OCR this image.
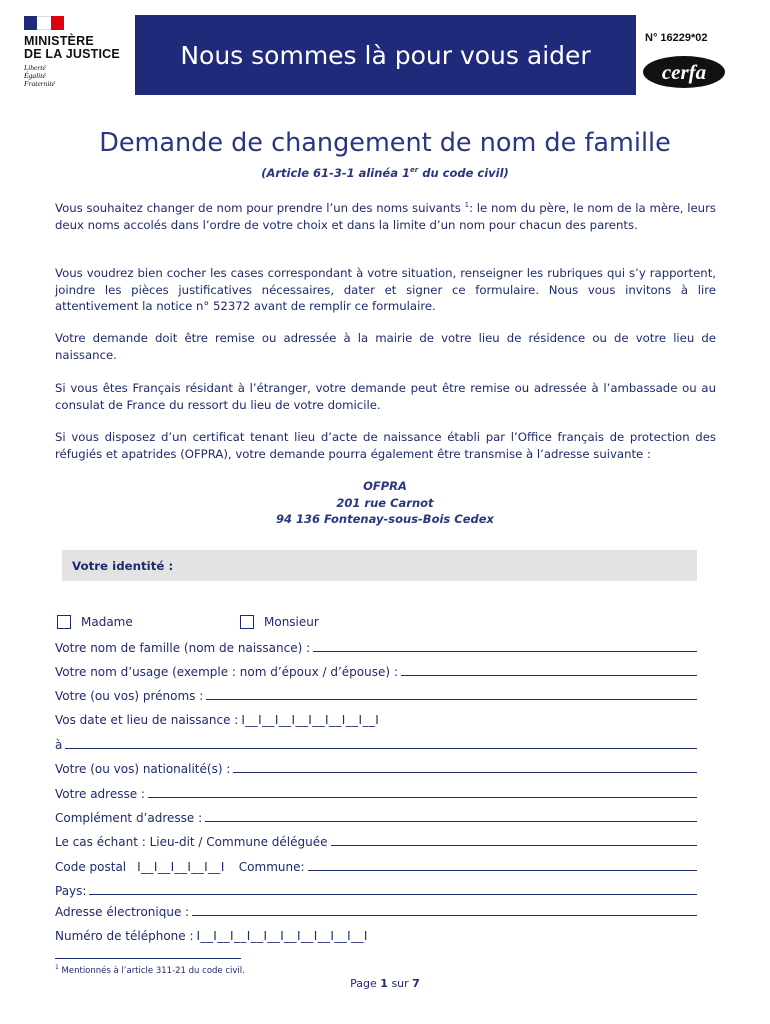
MINISTÈRE
DE LA JUSTICE
Liberté
Égalité
Fraternité
Nous sommes là pour vous aider
N° 16229*02
cerfa
Demande de changement de nom de famille
(Article 61-3-1 alinéa 1er du code civil)
Vous souhaitez changer de nom pour prendre l’un des noms suivants $^1$: le nom du père, le nom de la mère, leurs deux noms accolés dans l’ordre de votre choix et dans la limite d’un nom pour chacun des parents.
Vous voudrez bien cocher les cases correspondant à votre situation, renseigner les rubriques qui s’y rapportent, joindre les pièces justificatives nécessaires, dater et signer ce formulaire. Nous vous invitons à lire attentivement la notice n° 52372 avant de remplir ce formulaire.
Votre demande doit être remise ou adressée à la mairie de votre lieu de résidence ou de votre lieu de naissance.
Si vous êtes Français résidant à l’étranger, votre demande peut être remise ou adressée à l’ambassade ou au consulat de France du ressort du lieu de votre domicile.
Si vous disposez d’un certificat tenant lieu d’acte de naissance établi par l’Office français de protection des réfugiés et apatrides (OFPRA), votre demande pourra également être transmise à l’adresse suivante :
OFPRA
201 rue Carnot
94 136 Fontenay-sous-Bois Cedex
Votre identité :
Madame	Monsieur
Votre nom de famille (nom de naissance) :
Votre nom d’usage (exemple : nom d’époux / d’épouse) :
Votre (ou vos) prénoms :
Vos date et lieu de naissance : I__I__I__I__I__I__I__I__I
à
Votre (ou vos) nationalité(s) :
Votre adresse :
Complément d’adresse :
Le cas échant : Lieu-dit / Commune déléguée
Code postal I__I__I__I__I__I	Commune:
Pays:
Adresse électronique :
Numéro de téléphone : I__I__I__I__I__I__I__I__I__I__I
$^1$ Mentionnés à l’article 311-21 du code civil.
Page 1 sur 7
